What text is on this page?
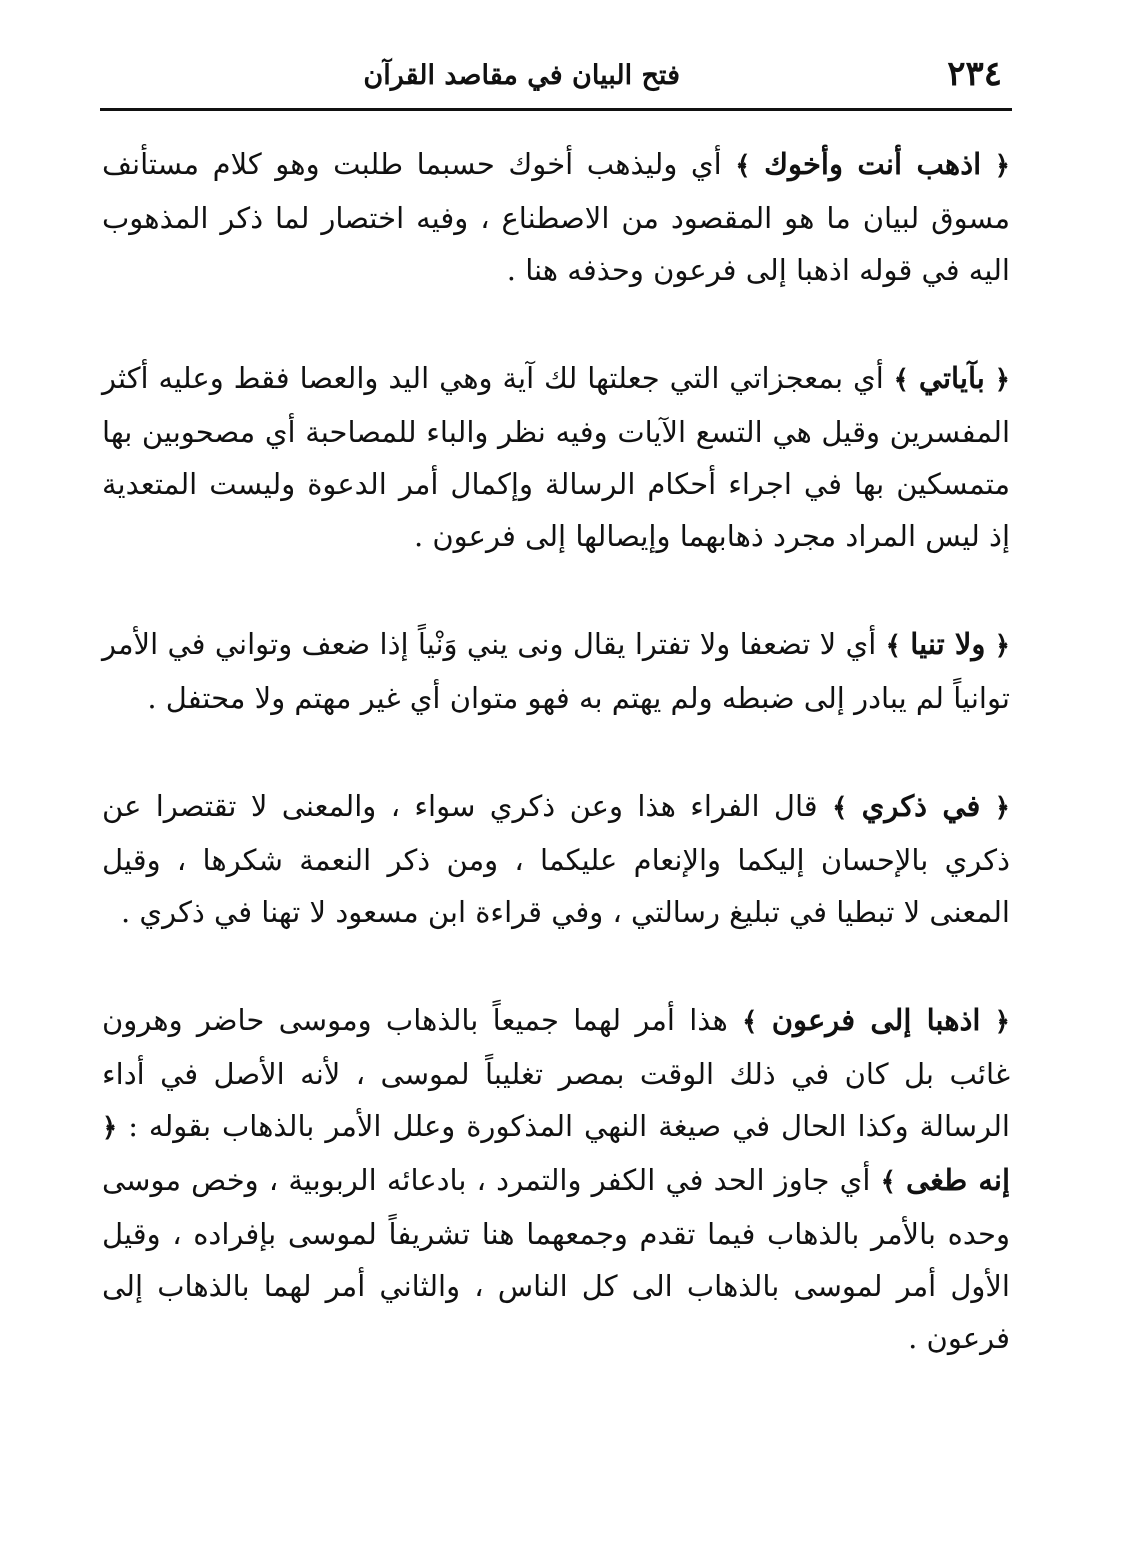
٢٣٤
فتح البيان في مقاصد القرآن

﴿ اذهب أنت وأخوك ﴾ أي وليذهب أخوك حسبما طلبت وهو كلام مستأنف مسوق لبيان ما هو المقصود من الاصطناع ، وفيه اختصار لما ذكر المذهوب اليه في قوله اذهبا إلى فرعون وحذفه هنا .

﴿ بآياتي ﴾ أي بمعجزاتي التي جعلتها لك آية وهي اليد والعصا فقط وعليه أكثر المفسرين وقيل هي التسع الآيات وفيه نظر والباء للمصاحبة أي مصحوبين بها متمسكين بها في اجراء أحكام الرسالة وإكمال أمر الدعوة وليست المتعدية إذ ليس المراد مجرد ذهابهما وإيصالها إلى فرعون .

﴿ ولا تنيا ﴾ أي لا تضعفا ولا تفترا يقال ونى يني وَنْياً إذا ضعف وتواني في الأمر توانياً لم يبادر إلى ضبطه ولم يهتم به فهو متوان أي غير مهتم ولا محتفل .

﴿ في ذكري ﴾ قال الفراء هذا وعن ذكري سواء ، والمعنى لا تقتصرا عن ذكري بالإحسان إليكما والإنعام عليكما ، ومن ذكر النعمة شكرها ، وقيل المعنى لا تبطيا في تبليغ رسالتي ، وفي قراءة ابن مسعود لا تهنا في ذكري .

﴿ اذهبا إلى فرعون ﴾ هذا أمر لهما جميعاً بالذهاب وموسى حاضر وهرون غائب بل كان في ذلك الوقت بمصر تغليباً لموسى ، لأنه الأصل في أداء الرسالة وكذا الحال في صيغة النهي المذكورة وعلل الأمر بالذهاب بقوله : ﴿ إنه طغى ﴾ أي جاوز الحد في الكفر والتمرد ، بادعائه الربوبية ، وخص موسى وحده بالأمر بالذهاب فيما تقدم وجمعهما هنا تشريفاً لموسى بإفراده ، وقيل الأول أمر لموسى بالذهاب الى كل الناس ، والثاني أمر لهما بالذهاب إلى فرعون .
